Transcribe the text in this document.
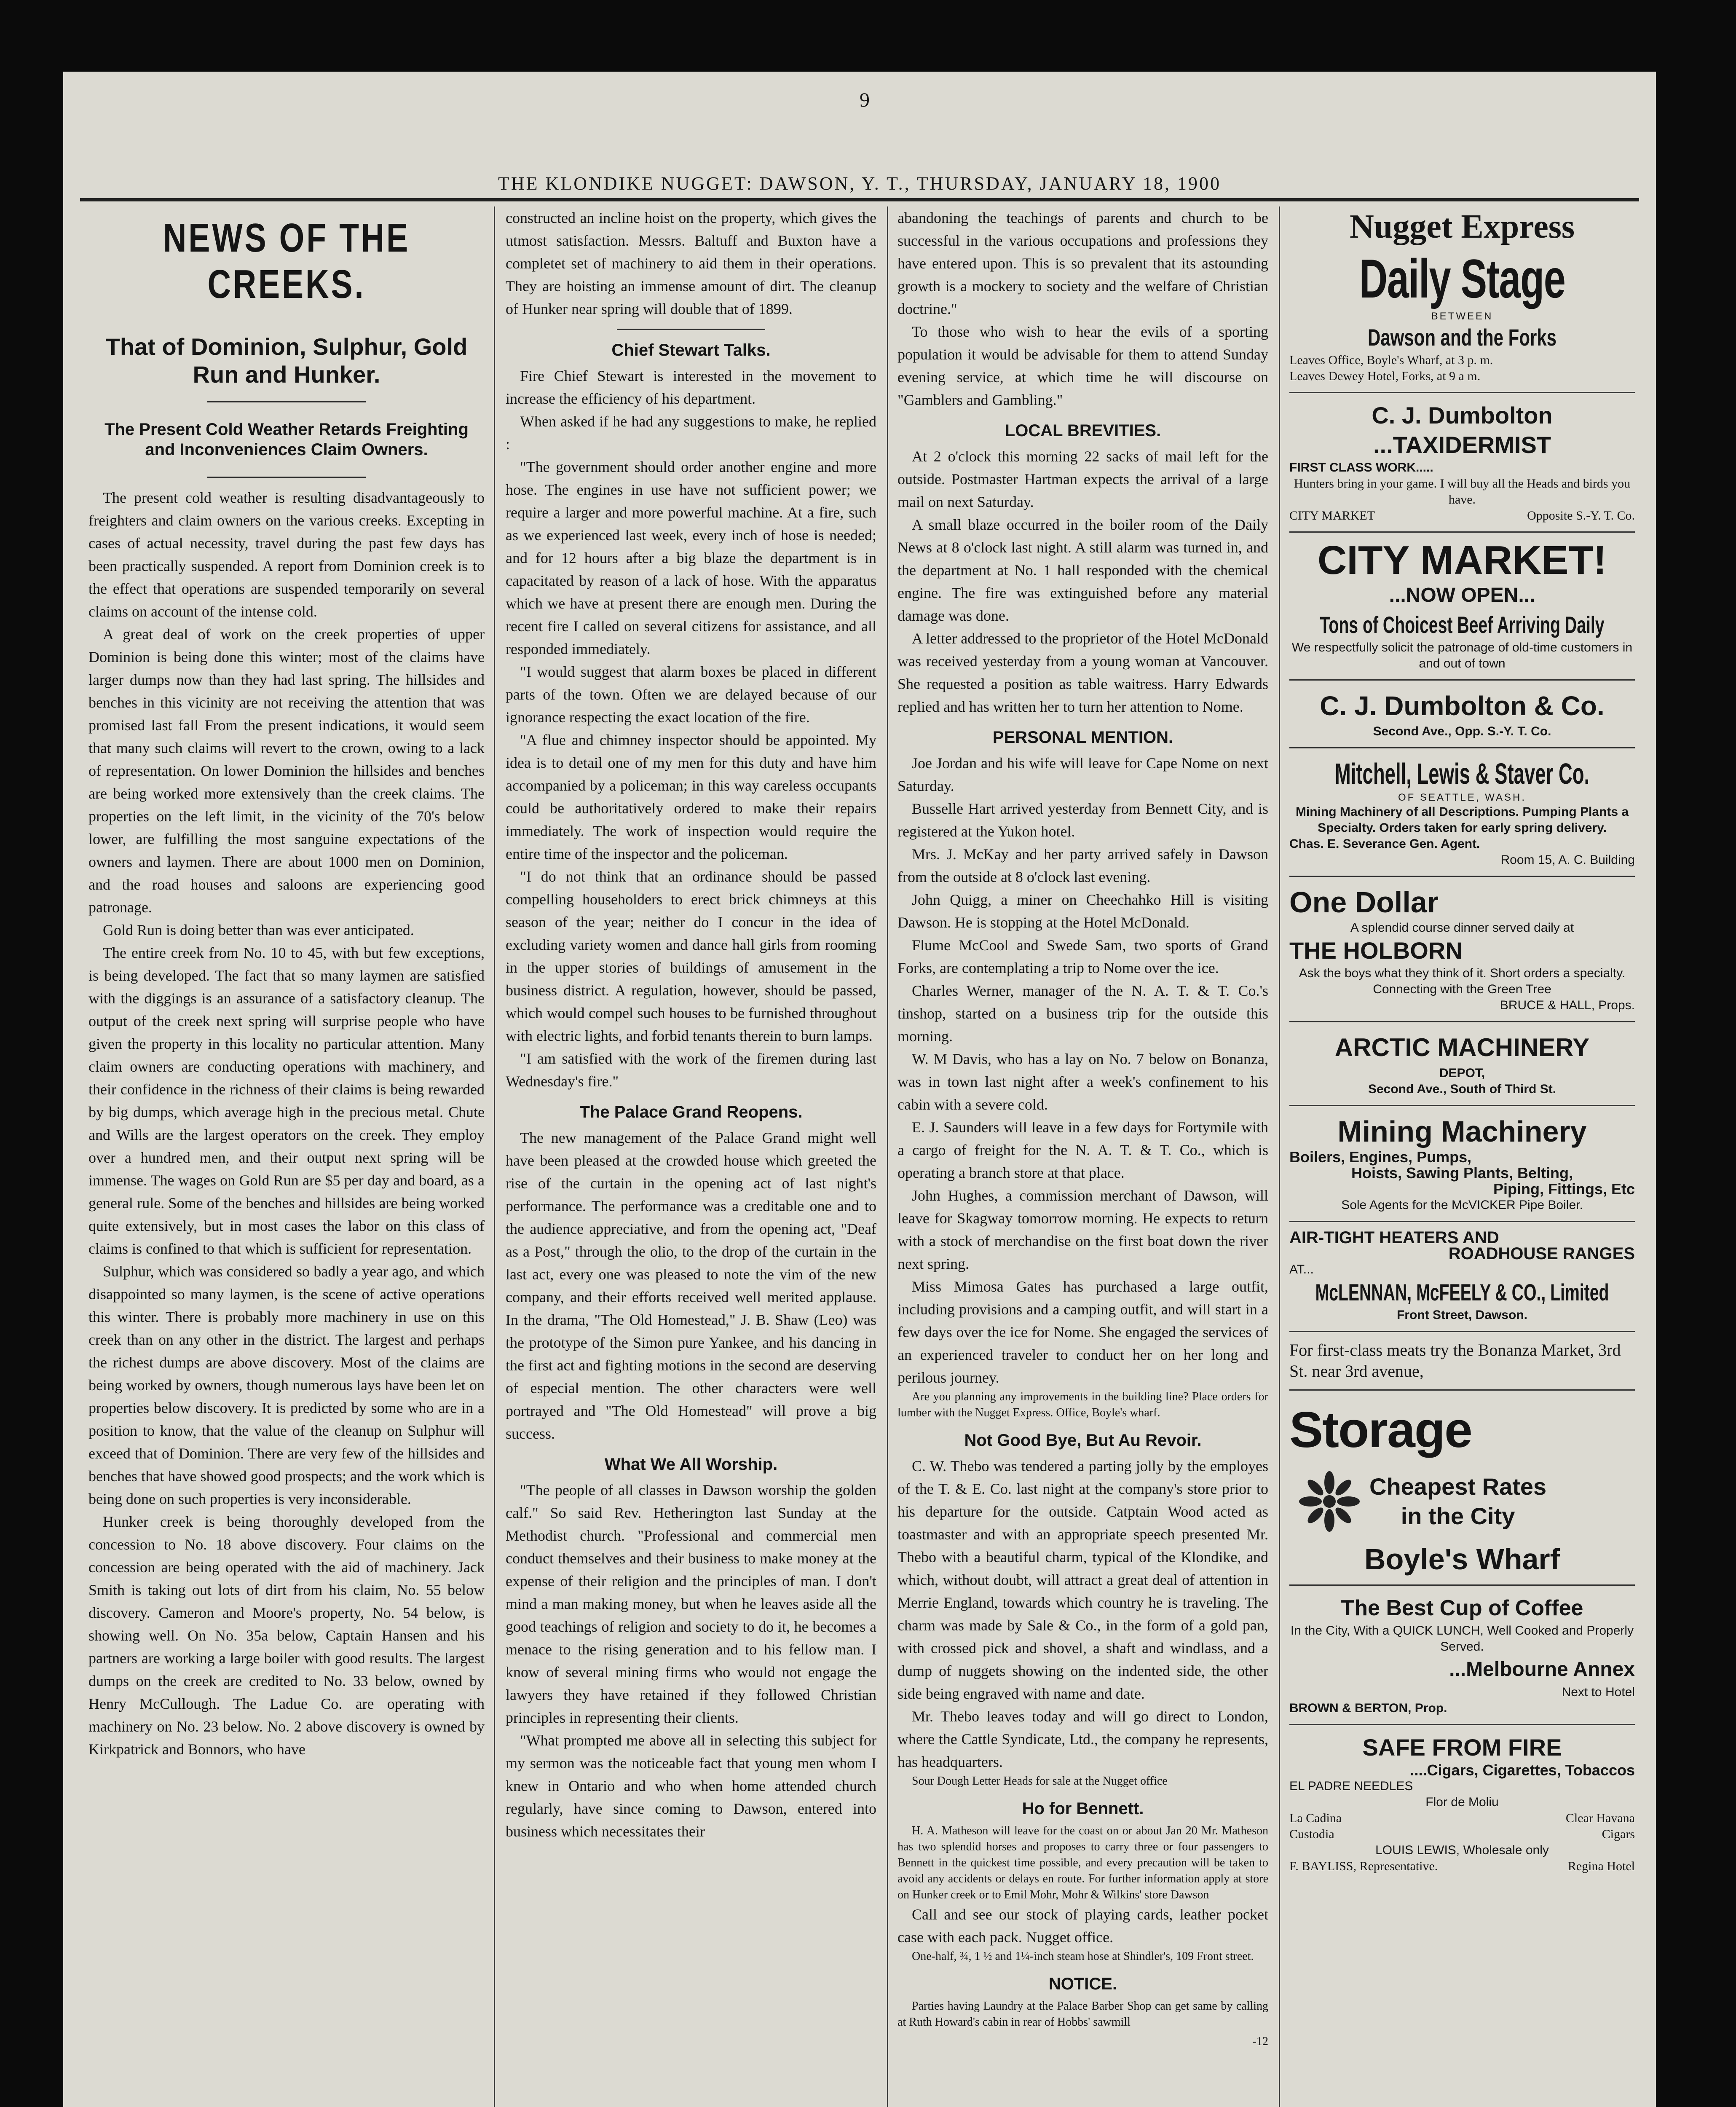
9
THE KLONDIKE NUGGET: DAWSON, Y. T., THURSDAY, JANUARY 18, 1900
NEWS OF THE CREEKS.
That of Dominion, Sulphur, Gold Run and Hunker.
The Present Cold Weather Retards Freighting and Inconveniences Claim Owners.

The present cold weather is resulting disadvantageously to freighters and claim owners on the various creeks. Excepting in cases of actual necessity, travel during the past few days has been practically suspended. A report from Dominion creek is to the effect that operations are suspended temporarily on several claims on account of the intense cold.

A great deal of work on the creek properties of upper Dominion is being done this winter; most of the claims have larger dumps now than they had last spring. The hillsides and benches in this vicinity are not receiving the attention that was promised last fall From the present indications, it would seem that many such claims will revert to the crown, owing to a lack of representation. On lower Dominion the hillsides and benches are being worked more extensively than the creek claims. The properties on the left limit, in the vicinity of the 70's below lower, are fulfilling the most sanguine expectations of the owners and laymen. There are about 1000 men on Dominion, and the road houses and saloons are experiencing good patronage.

Gold Run is doing better than was ever anticipated.

The entire creek from No. 10 to 45, with but few exceptions, is being developed. The fact that so many laymen are satisfied with the diggings is an assurance of a satisfactory cleanup. The output of the creek next spring will surprise people who have given the property in this locality no particular attention. Many claim owners are conducting operations with machinery, and their confidence in the richness of their claims is being rewarded by big dumps, which average high in the precious metal. Chute and Wills are the largest operators on the creek. They employ over a hundred men, and their output next spring will be immense. The wages on Gold Run are $5 per day and board, as a general rule. Some of the benches and hillsides are being worked quite extensively, but in most cases the labor on this class of claims is confined to that which is sufficient for representation.

Sulphur, which was considered so badly a year ago, and which disappointed so many laymen, is the scene of active operations this winter. There is probably more machinery in use on this creek than on any other in the district. The largest and perhaps the richest dumps are above discovery. Most of the claims are being worked by owners, though numerous lays have been let on properties below discovery. It is predicted by some who are in a position to know, that the value of the cleanup on Sulphur will exceed that of Dominion. There are very few of the hillsides and benches that have showed good prospects; and the work which is being done on such properties is very inconsiderable.

Hunker creek is being thoroughly developed from the concession to No. 18 above discovery. Four claims on the concession are being operated with the aid of machinery. Jack Smith is taking out lots of dirt from his claim, No. 55 below discovery. Cameron and Moore's property, No. 54 below, is showing well. On No. 35a below, Captain Hansen and his partners are working a large boiler with good results. The largest dumps on the creek are credited to No. 33 below, owned by Henry McCullough. The Ladue Co. are operating with machinery on No. 23 below. No. 2 above discovery is owned by Kirkpatrick and Bonnors, who have

constructed an incline hoist on the property, which gives the utmost satisfaction. Messrs. Baltuff and Buxton have a completet set of machinery to aid them in their operations. They are hoisting an immense amount of dirt. The cleanup of Hunker near spring will double that of 1899.

Chief Stewart Talks.

Fire Chief Stewart is interested in the movement to increase the efficiency of his department.

When asked if he had any suggestions to make, he replied :

"The government should order another engine and more hose. The engines in use have not sufficient power; we require a larger and more powerful machine. At a fire, such as we experienced last week, every inch of hose is needed; and for 12 hours after a big blaze the department is in capacitated by reason of a lack of hose. With the apparatus which we have at present there are enough men. During the recent fire I called on several citizens for assistance, and all responded immediately.

"I would suggest that alarm boxes be placed in different parts of the town. Often we are delayed because of our ignorance respecting the exact location of the fire.

"A flue and chimney inspector should be appointed. My idea is to detail one of my men for this duty and have him accompanied by a policeman; in this way careless occupants could be authoritatively ordered to make their repairs immediately. The work of inspection would require the entire time of the inspector and the policeman.

"I do not think that an ordinance should be passed compelling householders to erect brick chimneys at this season of the year; neither do I concur in the idea of excluding variety women and dance hall girls from rooming in the upper stories of buildings of amusement in the business district. A regulation, however, should be passed, which would compel such houses to be furnished throughout with electric lights, and forbid tenants therein to burn lamps.

"I am satisfied with the work of the firemen during last Wednesday's fire."

The Palace Grand Reopens.

The new management of the Palace Grand might well have been pleased at the crowded house which greeted the rise of the curtain in the opening act of last night's performance. The performance was a creditable one and to the audience appreciative, and from the opening act, "Deaf as a Post," through the olio, to the drop of the curtain in the last act, every one was pleased to note the vim of the new company, and their efforts received well merited applause. In the drama, "The Old Homestead," J. B. Shaw (Leo) was the prototype of the Simon pure Yankee, and his dancing in the first act and fighting motions in the second are deserving of especial mention. The other characters were well portrayed and "The Old Homestead" will prove a big success.

What We All Worship.

"The people of all classes in Dawson worship the golden calf." So said Rev. Hetherington last Sunday at the Methodist church. "Professional and commercial men conduct themselves and their business to make money at the expense of their religion and the principles of man. I don't mind a man making money, but when he leaves aside all the good teachings of religion and society to do it, he becomes a menace to the rising generation and to his fellow man. I know of several mining firms who would not engage the lawyers they have retained if they followed Christian principles in representing their clients.

"What prompted me above all in selecting this subject for my sermon was the noticeable fact that young men whom I knew in Ontario and who when home attended church regularly, have since coming to Dawson, entered into business which necessitates their

abandoning the teachings of parents and church to be successful in the various occupations and professions they have entered upon. This is so prevalent that its astounding growth is a mockery to society and the welfare of Christian doctrine."

To those who wish to hear the evils of a sporting population it would be advisable for them to attend Sunday evening service, at which time he will discourse on "Gamblers and Gambling."

LOCAL BREVITIES.

At 2 o'clock this morning 22 sacks of mail left for the outside. Postmaster Hartman expects the arrival of a large mail on next Saturday.

A small blaze occurred in the boiler room of the Daily News at 8 o'clock last night. A still alarm was turned in, and the department at No. 1 hall responded with the chemical engine. The fire was extinguished before any material damage was done.

A letter addressed to the proprietor of the Hotel McDonald was received yesterday from a young woman at Vancouver. She requested a position as table waitress. Harry Edwards replied and has written her to turn her attention to Nome.

PERSONAL MENTION.

Joe Jordan and his wife will leave for Cape Nome on next Saturday.

Busselle Hart arrived yesterday from Bennett City, and is registered at the Yukon hotel.

Mrs. J. McKay and her party arrived safely in Dawson from the outside at 8 o'clock last evening.

John Quigg, a miner on Cheechahko Hill is visiting Dawson. He is stopping at the Hotel McDonald.

Flume McCool and Swede Sam, two sports of Grand Forks, are contemplating a trip to Nome over the ice.

Charles Werner, manager of the N. A. T. & T. Co.'s tinshop, started on a business trip for the outside this morning.

W. M Davis, who has a lay on No. 7 below on Bonanza, was in town last night after a week's confinement to his cabin with a severe cold.

E. J. Saunders will leave in a few days for Fortymile with a cargo of freight for the N. A. T. & T. Co., which is operating a branch store at that place.

John Hughes, a commission merchant of Dawson, will leave for Skagway tomorrow morning. He expects to return with a stock of merchandise on the first boat down the river next spring.

Miss Mimosa Gates has purchased a large outfit, including provisions and a camping outfit, and will start in a few days over the ice for Nome. She engaged the services of an experienced traveler to conduct her on her long and perilous journey.

Are you planning any improvements in the building line? Place orders for lumber with the Nugget Express. Office, Boyle's wharf.

Not Good Bye, But Au Revoir.

C. W. Thebo was tendered a parting jolly by the employes of the T. & E. Co. last night at the company's store prior to his departure for the outside. Catptain Wood acted as toastmaster and with an appropriate speech presented Mr. Thebo with a beautiful charm, typical of the Klondike, and which, without doubt, will attract a great deal of attention in Merrie England, towards which country he is traveling. The charm was made by Sale & Co., in the form of a gold pan, with crossed pick and shovel, a shaft and windlass, and a dump of nuggets showing on the indented side, the other side being engraved with name and date.

Mr. Thebo leaves today and will go direct to London, where the Cattle Syndicate, Ltd., the company he represents, has headquarters.

Sour Dough Letter Heads for sale at the Nugget office

Ho for Bennett.

H. A. Matheson will leave for the coast on or about Jan 20 Mr. Matheson has two splendid horses and proposes to carry three or four passengers to Bennett in the quickest time possible, and every precaution will be taken to avoid any accidents or delays en route. For further information apply at store on Hunker creek or to Emil Mohr, Mohr & Wilkins' store Dawson

Call and see our stock of playing cards, leather pocket case with each pack. Nugget office.

One-half, ¾, 1 ½ and 1¼-inch steam hose at Shindler's, 109 Front street.

NOTICE.

Parties having Laundry at the Palace Barber Shop can get same by calling at Ruth Howard's cabin in rear of Hobbs' sawmill

-12
Nugget Express
Daily Stage
BETWEEN
Dawson and the Forks
Leaves Office, Boyle's Wharf, at 3 p. m.
Leaves Dewey Hotel, Forks, at 9 a m.
C. J. Dumbolton
...TAXIDERMIST
FIRST CLASS WORK.....
Hunters bring in your game. I will buy all the Heads and birds you have.
CITY MARKET	Opposite S.-Y. T. Co.
CITY MARKET!
...NOW OPEN...
Tons of Choicest Beef Arriving Daily
We respectfully solicit the patronage of old-time customers in and out of town
C. J. Dumbolton & Co.
Second Ave., Opp. S.-Y. T. Co.
Mitchell, Lewis & Staver Co.
OF SEATTLE, WASH.
Mining Machinery of all Descriptions. Pumping Plants a Specialty. Orders taken for early spring delivery.
Chas. E. Severance Gen. Agent.
Room 15, A. C. Building
One Dollar
A splendid course dinner served daily at
THE HOLBORN
Ask the boys what they think of it. Short orders a specialty. Connecting with the Green Tree
BRUCE & HALL, Props.
ARCTIC MACHINERY
DEPOT,
Second Ave., South of Third St.
Mining Machinery
Boilers, Engines, Pumps,
Hoists, Sawing Plants, Belting,
Piping, Fittings, Etc
Sole Agents for the McVICKER Pipe Boiler.
AIR-TIGHT HEATERS AND
ROADHOUSE RANGES
AT...
McLENNAN, McFEELY & CO., Limited
Front Street, Dawson.
For first-class meats try the Bonanza Market, 3rd St. near 3rd avenue,
Storage
Cheapest Rates
in the City
Boyle's Wharf
The Best Cup of Coffee
In the City, With a QUICK LUNCH, Well Cooked and Properly Served.
...Melbourne Annex
Next to Hotel
BROWN & BERTON, Prop.
SAFE FROM FIRE
....Cigars, Cigarettes, Tobaccos
EL PADRE NEEDLES
Flor de Moliu
La Cadina	Clear Havana
Custodia	Cigars
LOUIS LEWIS, Wholesale only
F. BAYLISS, Representative.	Regina Hotel
